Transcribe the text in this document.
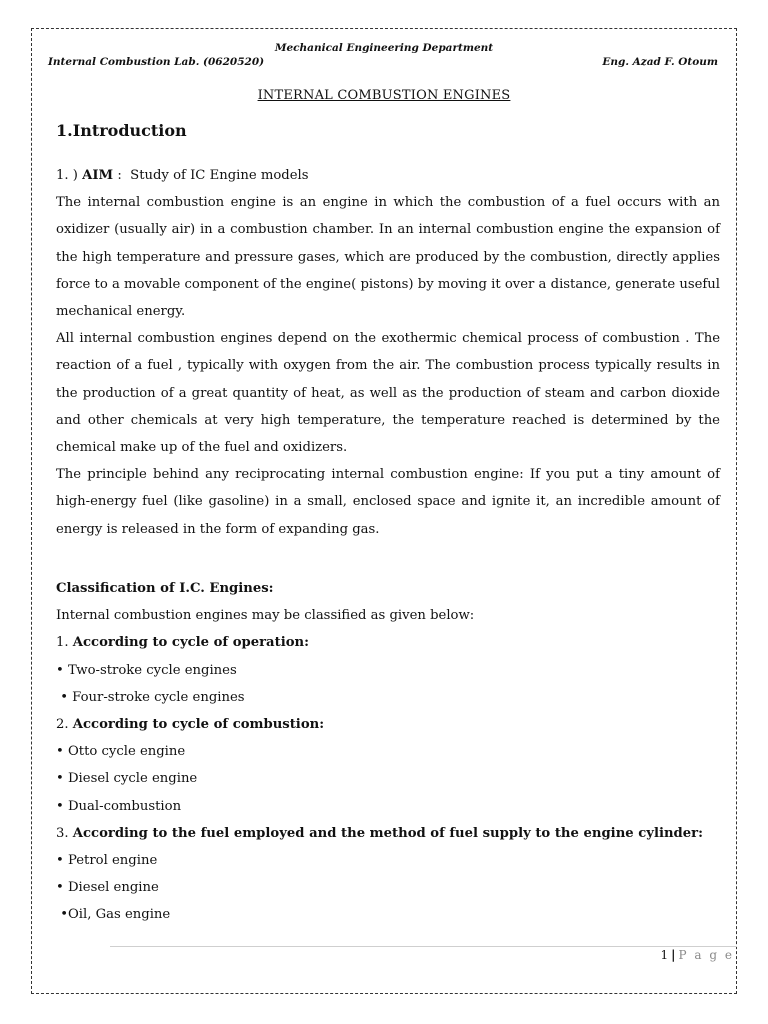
Mechanical Engineering Department
Internal Combustion Lab. (0620520)	Eng. Azad F. Otoum
INTERNAL COMBUSTION ENGINES
1.Introduction

1. ) AIM :  Study of IC Engine models

The internal combustion engine is an engine in which the combustion of a fuel occurs with an oxidizer (usually air) in a combustion chamber. In an internal combustion engine the expansion of the high temperature and pressure gases, which are produced by the combustion, directly applies force to a movable component of the engine( pistons) by moving it over a distance, generate useful mechanical energy.

All internal combustion engines depend on the exothermic chemical process of combustion . The reaction of a fuel , typically with oxygen from the air. The combustion process typically results in the production of a great quantity of heat, as well as the production of steam and carbon dioxide and other chemicals at very high temperature, the temperature reached is determined by the chemical make up of the fuel and oxidizers.

The principle behind any reciprocating internal combustion engine: If you put a tiny amount of high-energy fuel (like gasoline) in a small, enclosed space and ignite it, an incredible amount of energy is released in the form of expanding gas.

Classification of I.C. Engines:

Internal combustion engines may be classified as given below:

1. According to cycle of operation:

• Two-stroke cycle engines

• Four-stroke cycle engines

2. According to cycle of combustion:

• Otto cycle engine

• Diesel cycle engine

• Dual-combustion

3. According to the fuel employed and the method of fuel supply to the engine cylinder:

• Petrol engine

• Diesel engine

•Oil, Gas engine

1 | P a g e
